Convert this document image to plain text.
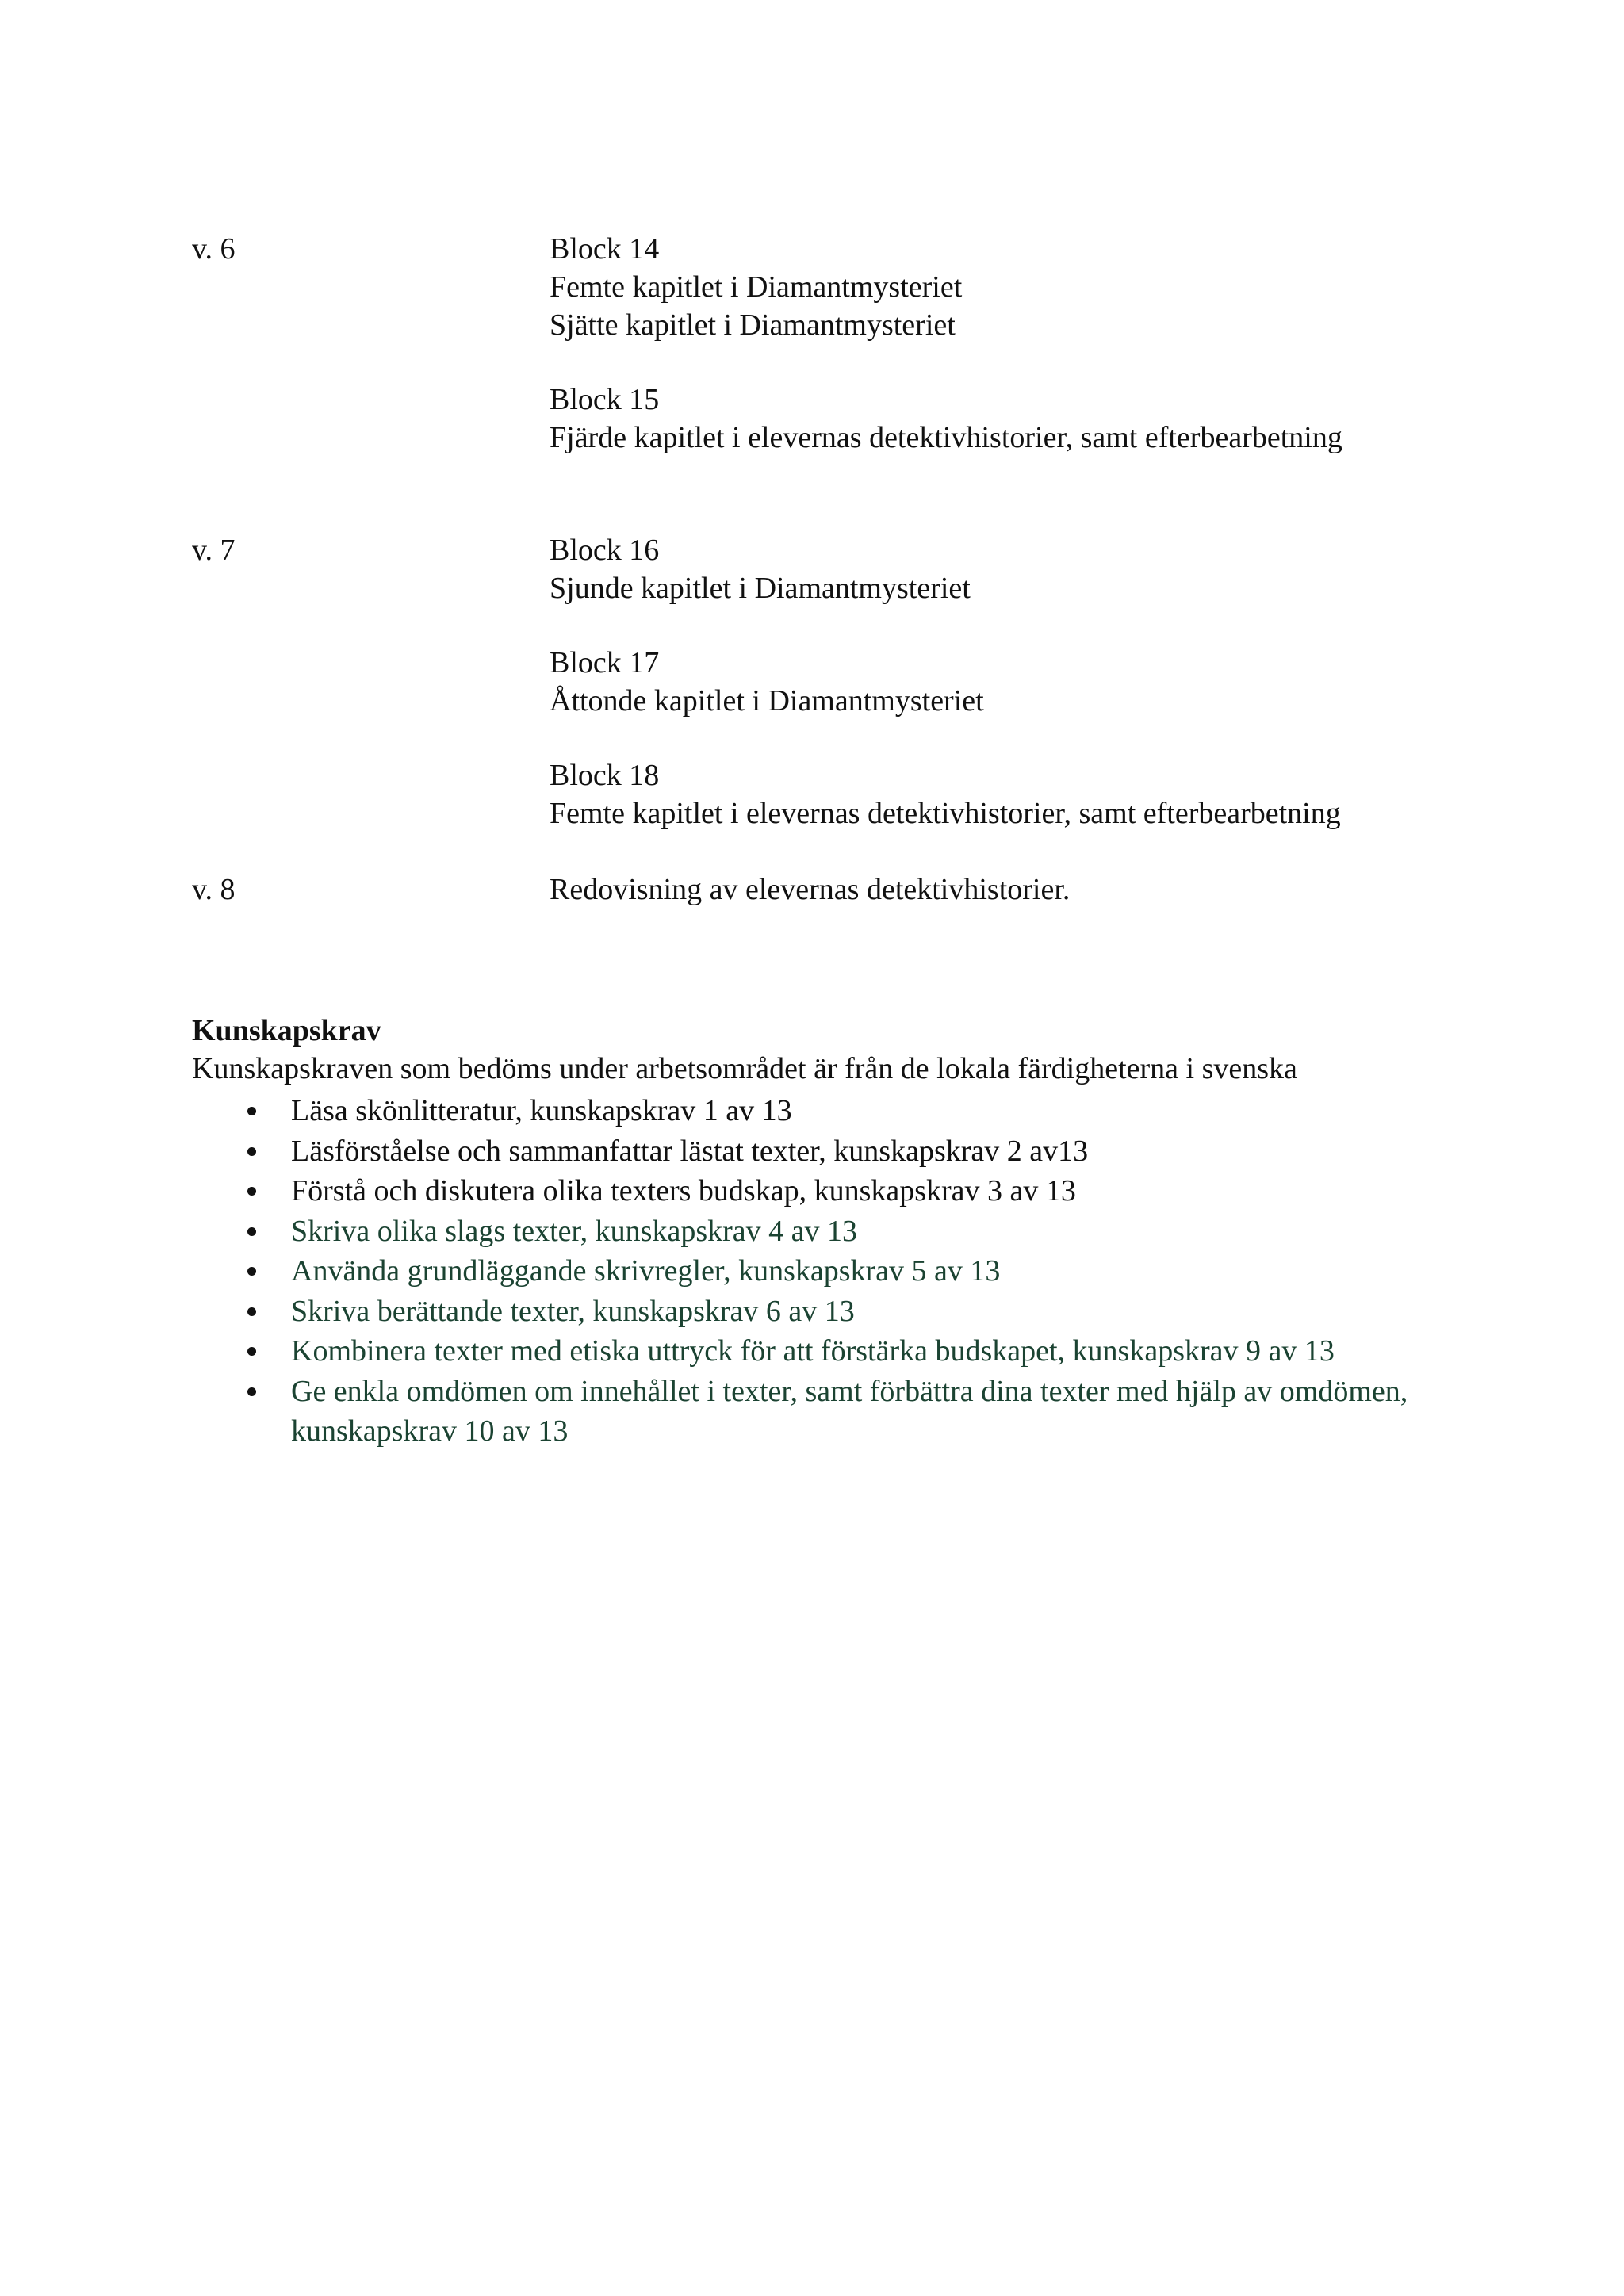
v. 6	Block 14
Femte kapitlet i Diamantmysteriet
Sjätte kapitlet i Diamantmysteriet
Block 15
Fjärde kapitlet i elevernas detektivhistorier, samt efterbearbetning
v. 7	Block 16
Sjunde kapitlet i Diamantmysteriet
Block 17
Åttonde kapitlet i Diamantmysteriet
Block 18
Femte kapitlet i elevernas detektivhistorier, samt efterbearbetning
v. 8	Redovisning av elevernas detektivhistorier.
Kunskapskrav
Kunskapskraven som bedöms under arbetsområdet är från de lokala färdigheterna i svenska
Läsa skönlitteratur, kunskapskrav 1 av 13
Läsförståelse och sammanfattar lästat texter, kunskapskrav 2 av13
Förstå och diskutera olika texters budskap, kunskapskrav 3 av 13
Skriva olika slags texter, kunskapskrav 4 av 13
Använda grundläggande skrivregler, kunskapskrav 5 av 13
Skriva berättande texter, kunskapskrav 6 av 13
Kombinera texter med etiska uttryck för att förstärka budskapet, kunskapskrav 9 av 13
Ge enkla omdömen om innehållet i texter, samt förbättra dina texter med hjälp av omdömen, kunskapskrav 10 av 13
